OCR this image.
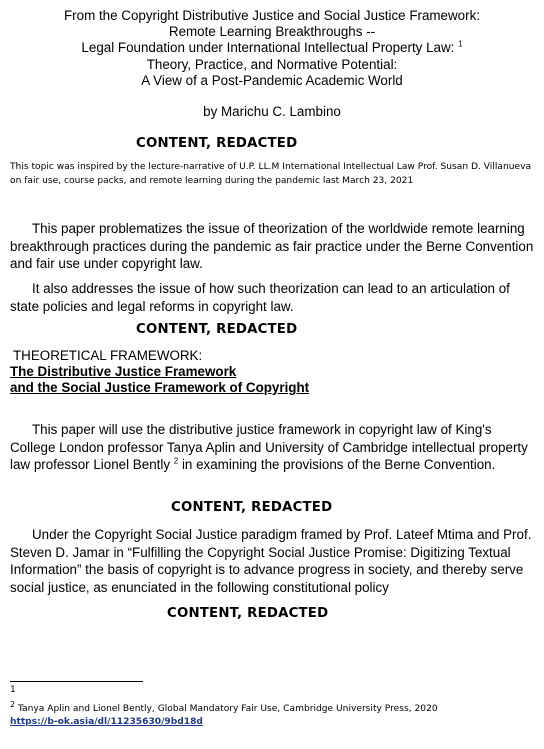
From the Copyright Distributive Justice and Social Justice Framework:
Remote Learning Breakthroughs --
Legal Foundation under International Intellectual Property Law: $^1$
Theory, Practice, and Normative Potential:
A View of a Post-Pandemic Academic World
by Marichu C. Lambino
CONTENT, REDACTED
This topic was inspired by the lecture-narrative of U.P. LL.M International Intellectual Law Prof. Susan D. Villanueva on fair use, course packs, and remote learning during the pandemic last March 23, 2021
This paper problematizes the issue of theorization of the worldwide remote learning breakthrough practices during the pandemic as fair practice under the Berne Convention and fair use under copyright law.
It also addresses the issue of how such theorization can lead to an articulation of state policies and legal reforms in copyright law.
CONTENT, REDACTED
THEORETICAL FRAMEWORK:
The Distributive Justice Framework
and the Social Justice Framework of Copyright
This paper will use the distributive justice framework in copyright law of King's College London professor Tanya Aplin and University of Cambridge intellectual property law professor Lionel Bently $^2$ in examining the provisions of the Berne Convention.
CONTENT, REDACTED
Under the Copyright Social Justice paradigm framed by Prof. Lateef Mtima and Prof. Steven D. Jamar in “Fulfilling the Copyright Social Justice Promise: Digitizing Textual Information” the basis of copyright is to advance progress in society, and thereby serve social justice, as enunciated in the following constitutional policy
CONTENT, REDACTED
1
$^2$ Tanya Aplin and Lionel Bently, Global Mandatory Fair Use, Cambridge University Press, 2020
https://b-ok.asia/dl/11235630/9bd18d
